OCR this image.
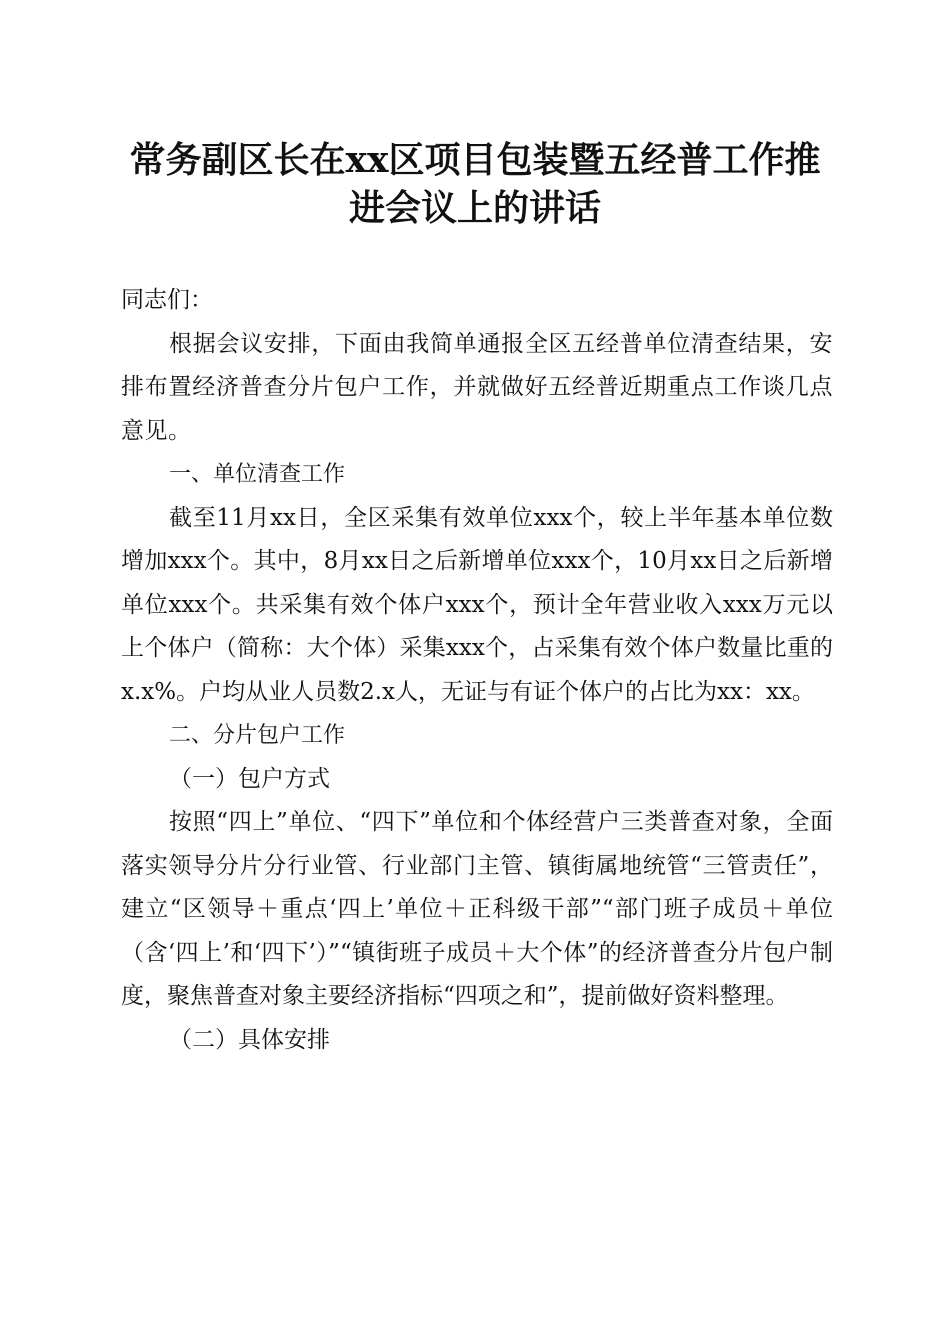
常务副区长在xx区项目包装暨五经普工作推
进会议上的讲话

同志们：

根据会议安排，下面由我简单通报全区五经普单位清查结果，安排布置经济普查分片包户工作，并就做好五经普近期重点工作谈几点意见。

一、单位清查工作

截至11月xx日，全区采集有效单位xxx个，较上半年基本单位数增加xxx个。其中，8月xx日之后新增单位xxx个，10月xx日之后新增单位xxx个。共采集有效个体户xxx个，预计全年营业收入xxx万元以上个体户（简称：大个体）采集xxx个，占采集有效个体户数量比重的x.x%。户均从业人员数2.x人，无证与有证个体户的占比为xx：xx。

二、分片包户工作

（一）包户方式

按照“四上”单位、“四下”单位和个体经营户三类普查对象，全面落实领导分片分行业管、行业部门主管、镇街属地统管“三管责任”，建立“区领导＋重点‘四上’单位＋正科级干部”“部门班子成员＋单位（含‘四上’和‘四下’）”“镇街班子成员＋大个体”的经济普查分片包户制度，聚焦普查对象主要经济指标“四项之和”，提前做好资料整理。

（二）具体安排
